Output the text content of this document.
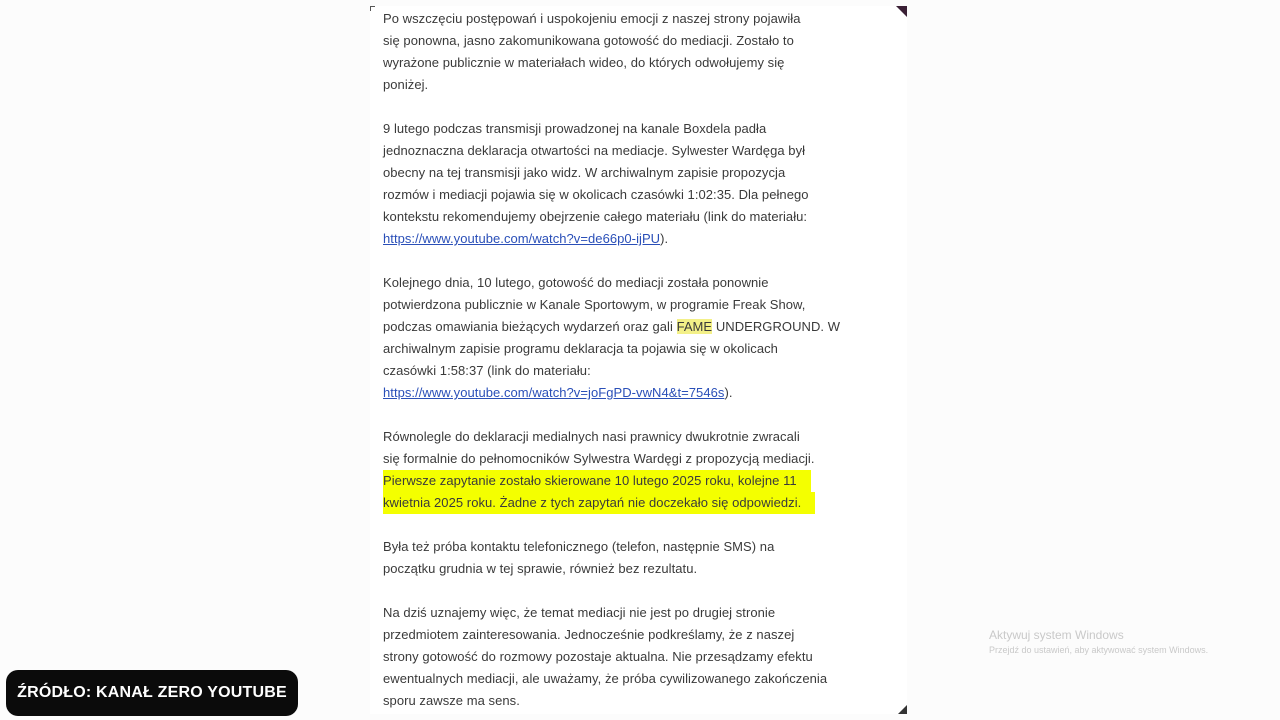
Po wszczęciu postępowań i uspokojeniu emocji z naszej strony pojawiła
się ponowna, jasno zakomunikowana gotowość do mediacji. Zostało to
wyrażone publicznie w materiałach wideo, do których odwołujemy się
poniżej.

9 lutego podczas transmisji prowadzonej na kanale Boxdela padła
jednoznaczna deklaracja otwartości na mediacje. Sylwester Wardęga był
obecny na tej transmisji jako widz. W archiwalnym zapisie propozycja
rozmów i mediacji pojawia się w okolicach czasówki 1:02:35. Dla pełnego
kontekstu rekomendujemy obejrzenie całego materiału (link do materiału:
https://www.youtube.com/watch?v=de66p0-ijPU).

Kolejnego dnia, 10 lutego, gotowość do mediacji została ponownie
potwierdzona publicznie w Kanale Sportowym, w programie Freak Show,
podczas omawiania bieżących wydarzeń oraz gali FAME UNDERGROUND. W
archiwalnym zapisie programu deklaracja ta pojawia się w okolicach
czasówki 1:58:37 (link do materiału:
https://www.youtube.com/watch?v=joFgPD-vwN4&t=7546s).

Równolegle do deklaracji medialnych nasi prawnicy dwukrotnie zwracali
się formalnie do pełnomocników Sylwestra Wardęgi z propozycją mediacji.
Pierwsze zapytanie zostało skierowane 10 lutego 2025 roku, kolejne 11
kwietnia 2025 roku. Żadne z tych zapytań nie doczekało się odpowiedzi.

Była też próba kontaktu telefonicznego (telefon, następnie SMS) na
początku grudnia w tej sprawie, również bez rezultatu.

Na dziś uznajemy więc, że temat mediacji nie jest po drugiej stronie
przedmiotem zainteresowania. Jednocześnie podkreślamy, że z naszej
strony gotowość do rozmowy pozostaje aktualna. Nie przesądzamy efektu
ewentualnych mediacji, ale uważamy, że próba cywilizowanego zakończenia
sporu zawsze ma sens.

ŹRÓDŁO: KANAŁ ZERO YOUTUBE
Aktywuj system Windows
Przejdź do ustawień, aby aktywować system Windows.
